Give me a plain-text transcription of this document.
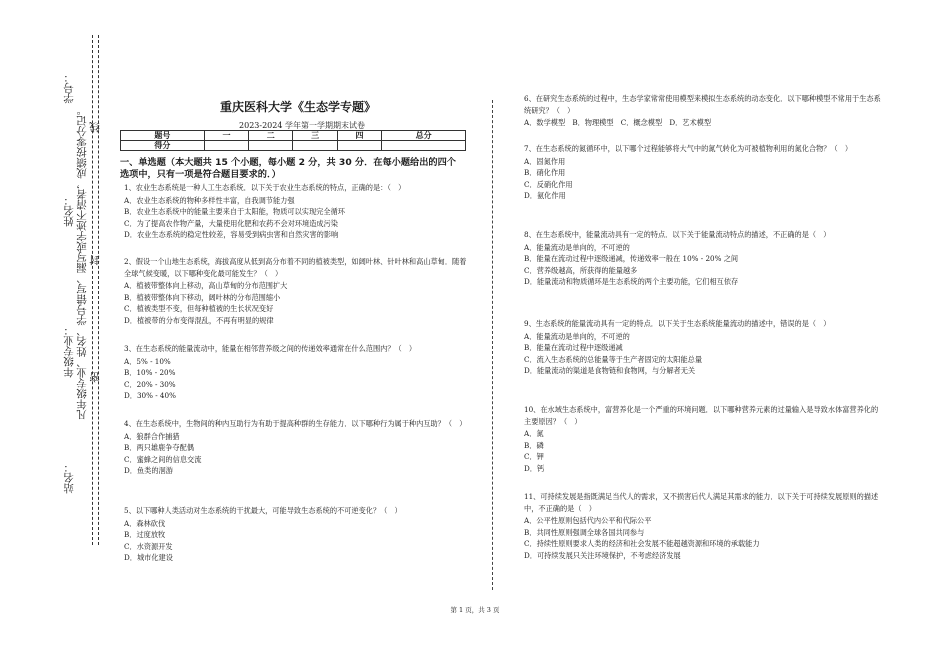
学号：
线
姓名： 凡年级专业、姓名、学号错写、漏写或字迹不清者，成绩按零分记。 封
年级专业： 密
站名：
重庆医科大学《生态学专题》
2023-2024 学年第一学期期末试卷
题号	一	二	三	四	总分
得分					
一、单选题（本大题共 15 个小题，每小题 2 分，共 30 分．在每小题给出的四个
选项中，只有一项是符合题目要求的．）
1、农业生态系统是一种人工生态系统．以下关于农业生态系统的特点，正确的是：（　）
A．农业生态系统的物种多样性丰富，自我调节能力强
B．农业生态系统中的能量主要来自于太阳能，物质可以实现完全循环
C．为了提高农作物产量，大量使用化肥和农药不会对环境造成污染
D．农业生态系统的稳定性较差，容易受到病虫害和自然灾害的影响
2、假设一个山地生态系统，海拔高度从低到高分布着不同的植被类型，如阔叶林、针叶林和高山草甸．随着全球气候变暖，以下哪种变化最可能发生？（　）
A．植被带整体向上移动，高山草甸的分布范围扩大
B．植被带整体向下移动，阔叶林的分布范围缩小
C．植被类型不变，但每种植被的生长状况变好
D．植被带的分布变得混乱，不再有明显的规律
3、在生态系统的能量流动中，能量在相邻营养级之间的传递效率通常在什么范围内？（　）
A．5% - 10%
B．10% - 20%
C．20% - 30%
D．30% - 40%
4、在生态系统中，生物间的种内互助行为有助于提高种群的生存能力．以下哪种行为属于种内互助？（　）
A．狼群合作捕猎
B．两只雄鹿争夺配偶
C．蜜蜂之间的信息交流
D．鱼类的洄游
5、以下哪种人类活动对生态系统的干扰最大，可能导致生态系统的不可逆变化？（　）
A．森林砍伐
B．过度放牧
C．水资源开发
D．城市化建设
6、在研究生态系统的过程中，生态学家常常使用模型来模拟生态系统的动态变化．以下哪种模型不常用于生态系统研究？（　）
A．数学模型　B．物理模型　C．概念模型　D．艺术模型
7、在生态系统的氮循环中，以下哪个过程能够将大气中的氮气转化为可被植物利用的氮化合物？（　）
A．固氮作用
B．硝化作用
C．反硝化作用
D．氨化作用
8、在生态系统中，能量流动具有一定的特点．以下关于能量流动特点的描述，不正确的是（　）
A．能量流动是单向的，不可逆的
B．能量在流动过程中逐级递减，传递效率一般在 10% - 20% 之间
C．营养级越高，所获得的能量越多
D．能量流动和物质循环是生态系统的两个主要功能，它们相互依存
9、生态系统的能量流动具有一定的特点．以下关于生态系统能量流动的描述中，错误的是（　）
A．能量流动是单向的，不可逆的
B．能量在流动过程中逐级递减
C．流入生态系统的总能量等于生产者固定的太阳能总量
D．能量流动的渠道是食物链和食物网，与分解者无关
10、在水域生态系统中，富营养化是一个严重的环境问题．以下哪种营养元素的过量输入是导致水体富营养化的主要原因？（　）
A．氮
B．磷
C．钾
D．钙
11、可持续发展是指既满足当代人的需求，又不损害后代人满足其需求的能力．以下关于可持续发展原则的描述中，不正确的是（　）
A．公平性原则包括代内公平和代际公平
B．共同性原则强调全球各国共同参与
C．持续性原则要求人类的经济和社会发展不能超越资源和环境的承载能力
D．可持续发展只关注环境保护，不考虑经济发展
第 1 页，共 3 页
